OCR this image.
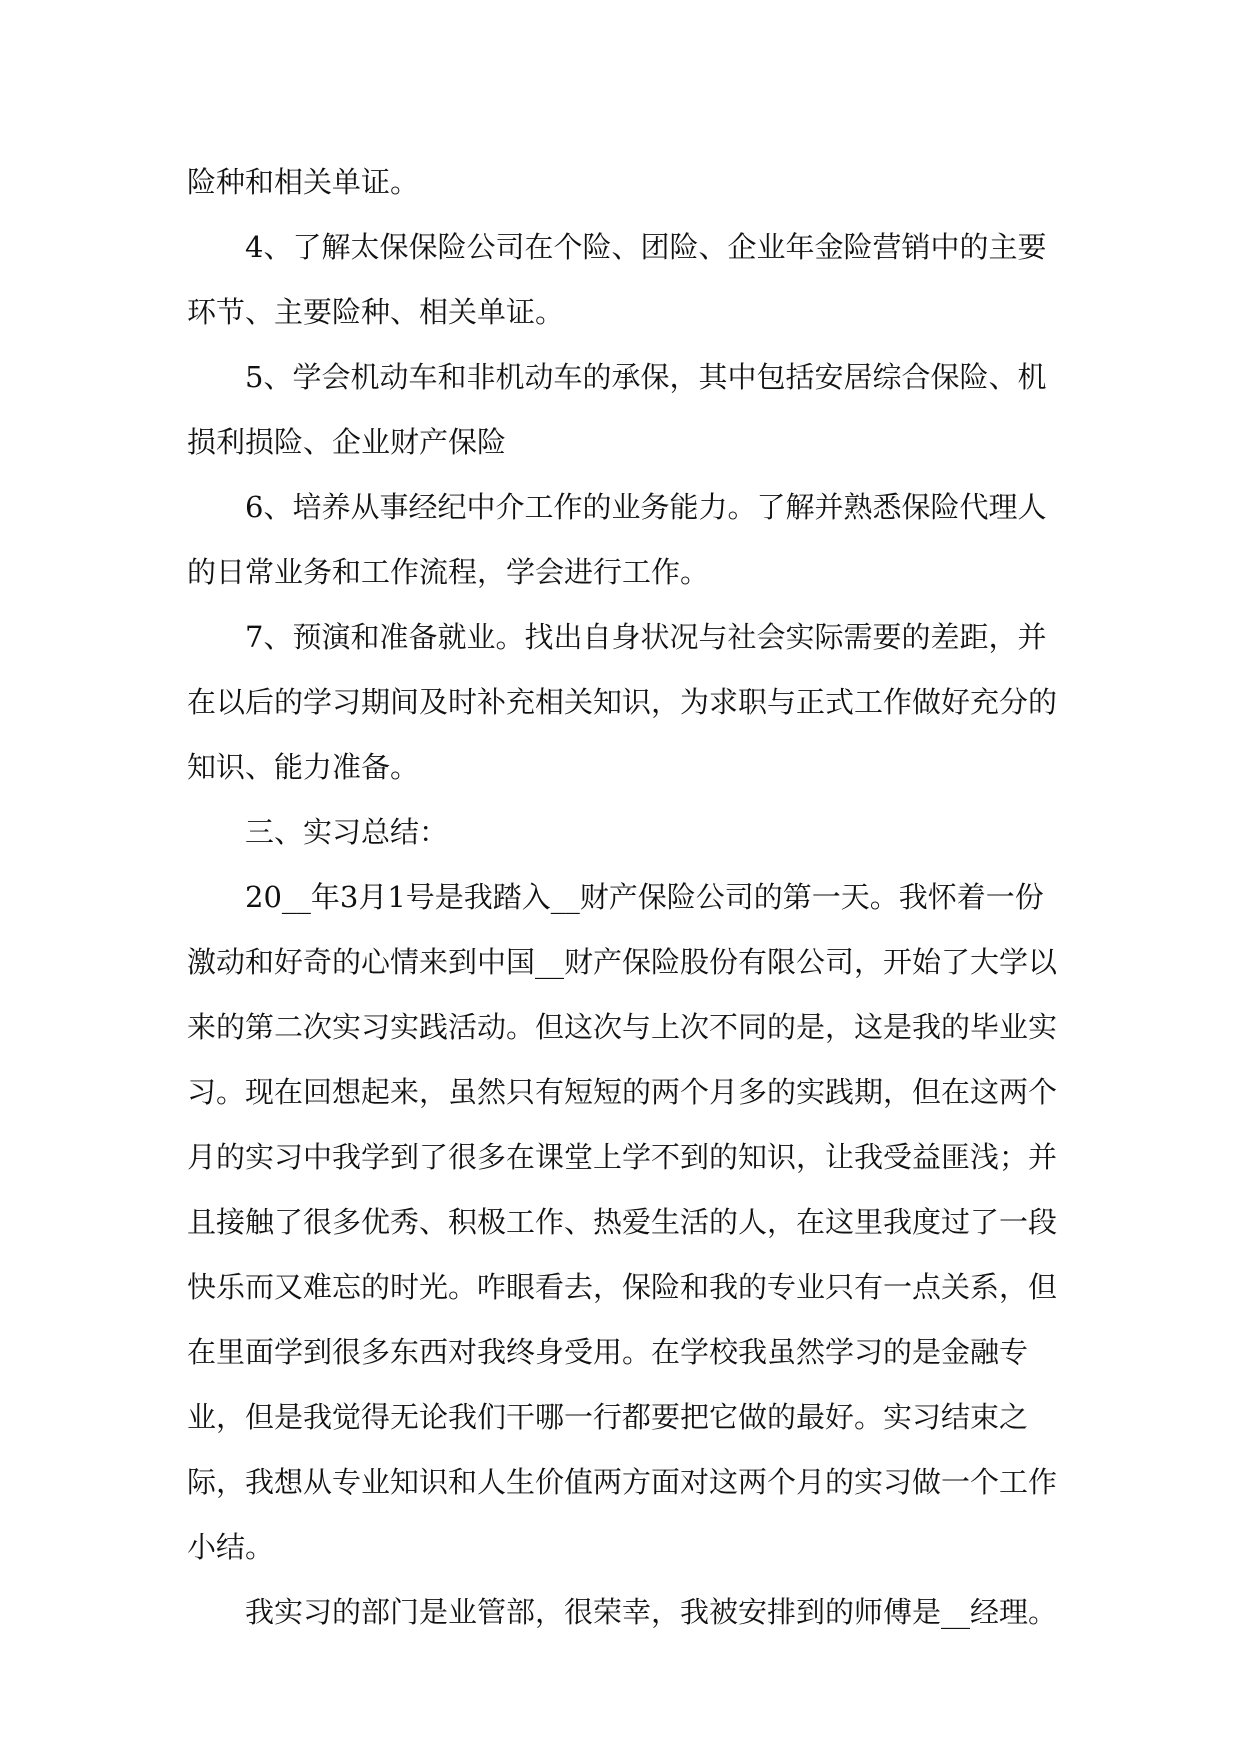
险种和相关单证。

4、了解太保保险公司在个险、团险、企业年金险营销中的主要环节、主要险种、相关单证。

5、学会机动车和非机动车的承保，其中包括安居综合保险、机损利损险、企业财产保险

6、培养从事经纪中介工作的业务能力。了解并熟悉保险代理人的日常业务和工作流程，学会进行工作。

7、预演和准备就业。找出自身状况与社会实际需要的差距，并在以后的学习期间及时补充相关知识，为求职与正式工作做好充分的知识、能力准备。

三、实习总结：

20__年3月1号是我踏入__财产保险公司的第一天。我怀着一份激动和好奇的心情来到中国__财产保险股份有限公司，开始了大学以来的第二次实习实践活动。但这次与上次不同的是，这是我的毕业实习。现在回想起来，虽然只有短短的两个月多的实践期，但在这两个月的实习中我学到了很多在课堂上学不到的知识，让我受益匪浅；并且接触了很多优秀、积极工作、热爱生活的人，在这里我度过了一段快乐而又难忘的时光。咋眼看去，保险和我的专业只有一点关系，但在里面学到很多东西对我终身受用。在学校我虽然学习的是金融专业，但是我觉得无论我们干哪一行都要把它做的最好。实习结束之际，我想从专业知识和人生价值两方面对这两个月的实习做一个工作小结。

我实习的部门是业管部，很荣幸，我被安排到的师傅是__经理。
